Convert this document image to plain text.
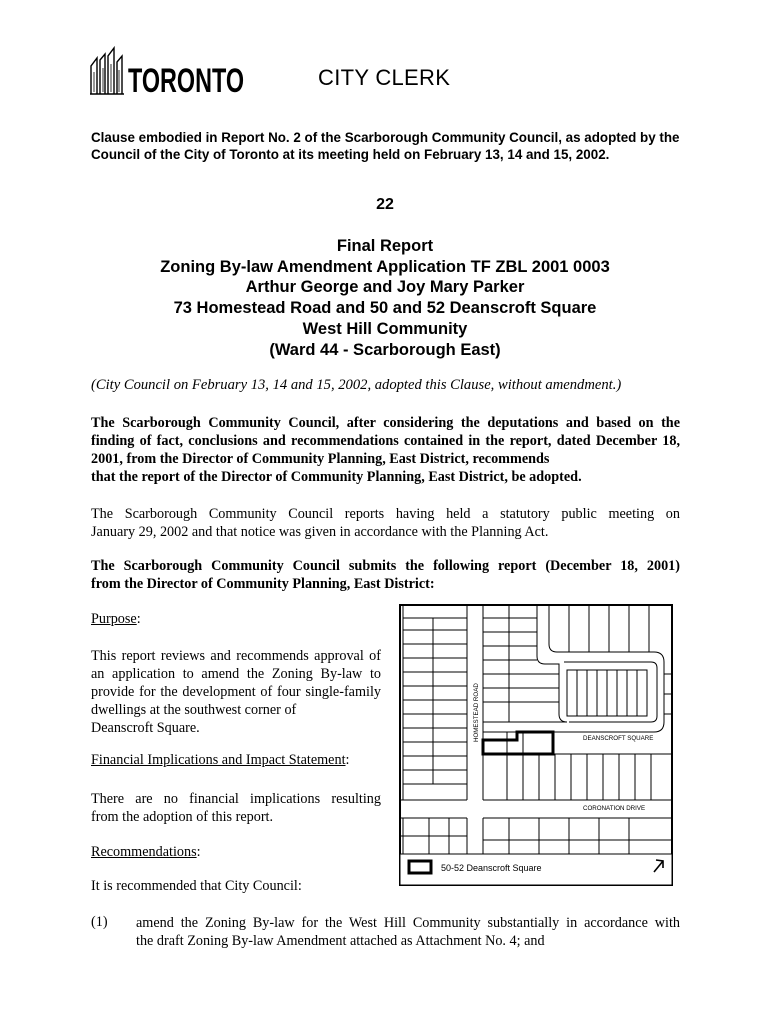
TORONTO	CITY CLERK
Clause embodied in Report No. 2 of the Scarborough Community Council, as adopted by the Council of the City of Toronto at its meeting held on February 13, 14 and 15, 2002.
22
Final Report
Zoning By-law Amendment Application TF ZBL 2001 0003
Arthur George and Joy Mary Parker
73 Homestead Road and 50 and 52 Deanscroft Square
West Hill Community
(Ward 44 - Scarborough East)
(City Council on February 13, 14 and 15, 2002, adopted this Clause, without amendment.)
The Scarborough Community Council, after considering the deputations and based on the finding of fact, conclusions and recommendations contained in the report, dated December 18, 2001, from the Director of Community Planning, East District, recommends
that the report of the Director of Community Planning, East District, be adopted.
The Scarborough Community Council reports having held a statutory public meeting on
January 29, 2002 and that notice was given in accordance with the Planning Act.
The Scarborough Community Council submits the following report (December 18, 2001)
from the Director of Community Planning, East District:
Purpose:
This report reviews and recommends approval of an application to amend the Zoning By-law to provide for the development of four single-family dwellings at the southwest corner of
Deanscroft Square.
Financial Implications and Impact Statement:
There are no financial implications resulting
from the adoption of this report.
Recommendations:
It is recommended that City Council:
(1) amend the Zoning By-law for the West Hill Community substantially in accordance with
the draft Zoning By-law Amendment attached as Attachment No. 4; and
HOMESTEAD ROAD	DEANSCROFT SQUARE
CORONATION DRIVE
50-52 Deanscroft Square
